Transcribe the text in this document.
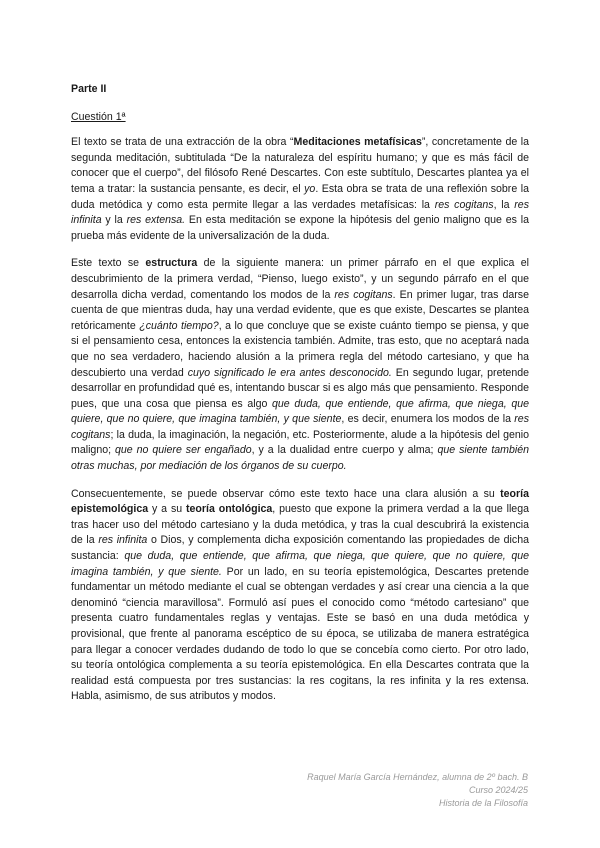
Parte II
Cuestión 1ª

El texto se trata de una extracción de la obra “Meditaciones metafísicas”, concretamente de la segunda meditación, subtitulada “De la naturaleza del espíritu humano; y que es más fácil de conocer que el cuerpo”, del filósofo René Descartes. Con este subtítulo, Descartes plantea ya el tema a tratar: la sustancia pensante, es decir, el yo. Esta obra se trata de una reflexión sobre la duda metódica y como esta permite llegar a las verdades metafísicas: la res cogitans, la res infinita y la res extensa. En esta meditación se expone la hipótesis del genio maligno que es la prueba más evidente de la universalización de la duda.

Este texto se estructura de la siguiente manera: un primer párrafo en el que explica el descubrimiento de la primera verdad, “Pienso, luego existo”, y un segundo párrafo en el que desarrolla dicha verdad, comentando los modos de la res cogitans. En primer lugar, tras darse cuenta de que mientras duda, hay una verdad evidente, que es que existe, Descartes se plantea retóricamente ¿cuánto tiempo?, a lo que concluye que se existe cuánto tiempo se piensa, y que si el pensamiento cesa, entonces la existencia también. Admite, tras esto, que no aceptará nada que no sea verdadero, haciendo alusión a la primera regla del método cartesiano, y que ha descubierto una verdad cuyo significado le era antes desconocido. En segundo lugar, pretende desarrollar en profundidad qué es, intentando buscar si es algo más que pensamiento. Responde pues, que una cosa que piensa es algo que duda, que entiende, que afirma, que niega, que quiere, que no quiere, que imagina también, y que siente, es decir, enumera los modos de la res cogitans; la duda, la imaginación, la negación, etc. Posteriormente, alude a la hipótesis del genio maligno; que no quiere ser engañado, y a la dualidad entre cuerpo y alma; que siente también otras muchas, por mediación de los órganos de su cuerpo.

Consecuentemente, se puede observar cómo este texto hace una clara alusión a su teoría epistemológica y a su teoría ontológica, puesto que expone la primera verdad a la que llega tras hacer uso del método cartesiano y la duda metódica, y tras la cual descubrirá la existencia de la res infinita o Dios, y complementa dicha exposición comentando las propiedades de dicha sustancia: que duda, que entiende, que afirma, que niega, que quiere, que no quiere, que imagina también, y que siente. Por un lado, en su teoría epistemológica, Descartes pretende fundamentar un método mediante el cual se obtengan verdades y así crear una ciencia a la que denominó “ciencia maravillosa”. Formuló así pues el conocido como “método cartesiano” que presenta cuatro fundamentales reglas y ventajas. Este se basó en una duda metódica y provisional, que frente al panorama escéptico de su época, se utilizaba de manera estratégica para llegar a conocer verdades dudando de todo lo que se concebía como cierto. Por otro lado, su teoría ontológica complementa a su teoría epistemológica. En ella Descartes contrata que la realidad está compuesta por tres sustancias: la res cogitans, la res infinita y la res extensa. Habla, asimismo, de sus atributos y modos.

Raquel María García Hernández, alumna de 2º bach. B
Curso 2024/25
Historia de la Filosofía
